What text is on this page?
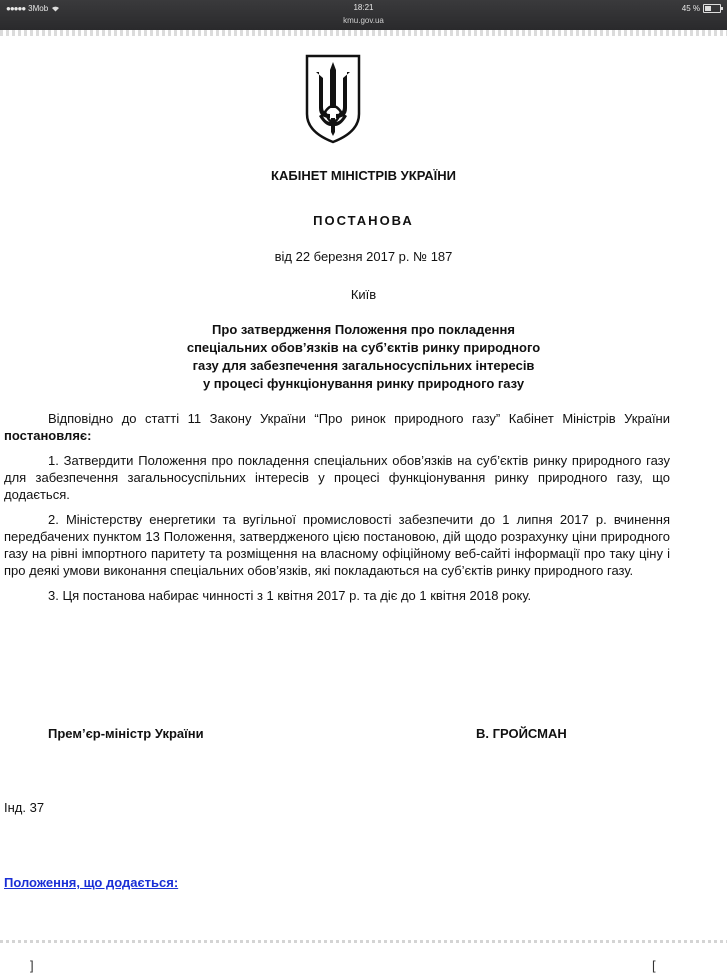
●●●●● 3Mob	18:21
kmu.gov.ua
45 %
КАБІНЕТ МІНІСТРІВ УКРАЇНИ
ПОСТАНОВА
від 22 березня 2017 р. № 187
Київ
Про затвердження Положення про покладення
спеціальних обов’язків на суб’єктів ринку природного
газу для забезпечення загальносуспільних інтересів
у процесі функціонування ринку природного газу

Відповідно до статті 11 Закону України “Про ринок природного газу” Кабінет Міністрів України постановляє:

1. Затвердити Положення про покладення спеціальних обов’язків на суб’єктів ринку природного газу для забезпечення загальносуспільних інтересів у процесі функціонування ринку природного газу, що додається.

2. Міністерству енергетики та вугільної промисловості забезпечити до 1 липня 2017 р. вчинення передбачених пунктом 13 Положення, затвердженого цією постановою, дій щодо розрахунку ціни природного газу на рівні імпортного паритету та розміщення на власному офіційному веб-сайті інформації про таку ціну і про деякі умови виконання спеціальних обов’язків, які покладаються на суб’єктів ринку природного газу.

3. Ця постанова набирає чинності з 1 квітня 2017 р. та діє до 1 квітня 2018 року.

Прем’єр-міністр України	В. ГРОЙСМАН
Інд. 37
Положення, що додається:
]	[
